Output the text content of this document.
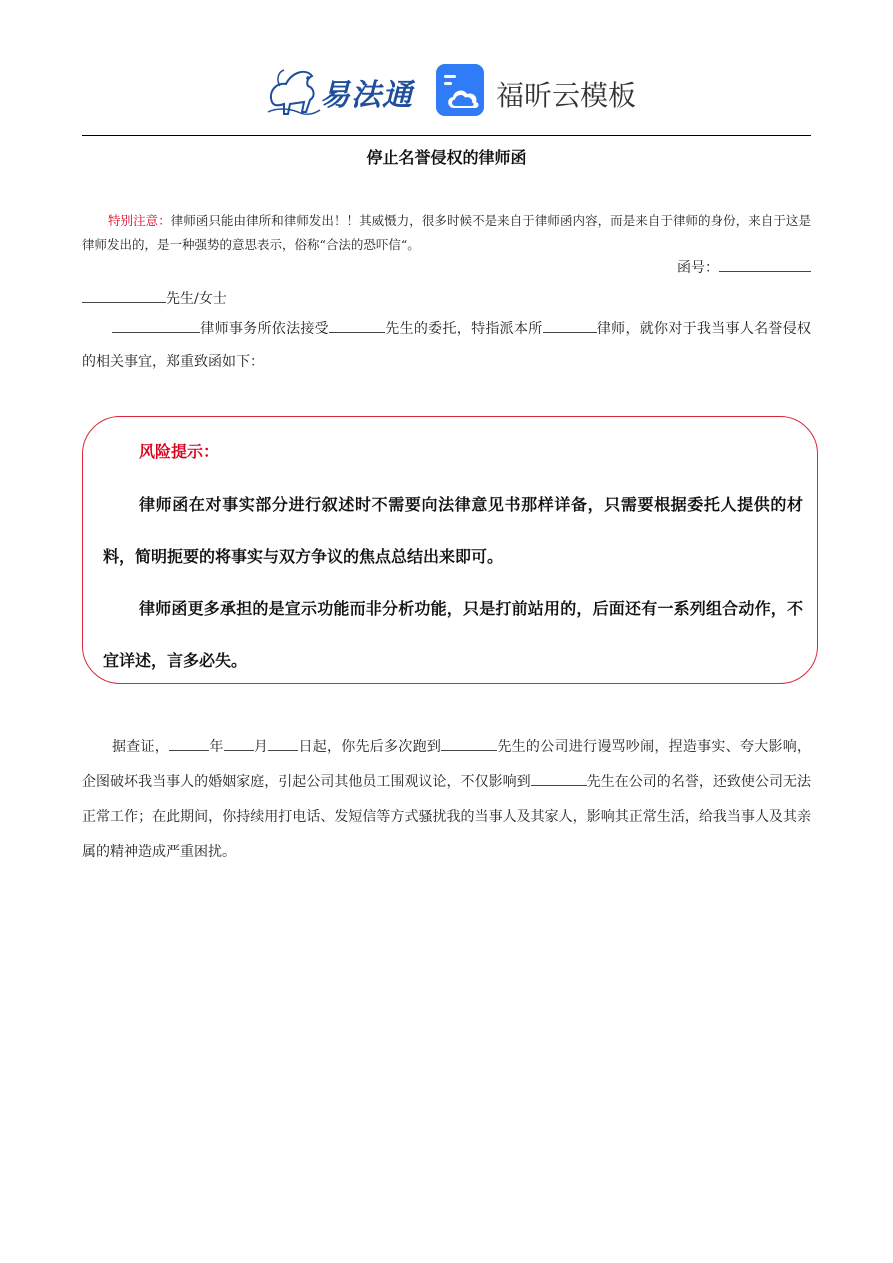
易法通	福昕云模板
停止名誉侵权的律师函
特别注意：律师函只能由律所和律师发出！！其威慑力，很多时候不是来自于律师函内容，而是来自于律师的身份，来自于这是律师发出的，是一种强势的意思表示，俗称“合法的恐吓信“。
函号：
先生/女士
律师事务所依法接受	先生的委托，特指派本所	律师，就你对于我当事人名誉侵权的相关事宜，郑重致函如下：
风险提示：
律师函在对事实部分进行叙述时不需要向法律意见书那样详备，只需要根据委托人提供的材料，简明扼要的将事实与双方争议的焦点总结出来即可。
律师函更多承担的是宣示功能而非分析功能，只是打前站用的，后面还有一系列组合动作，不宜详述，言多必失。
据查证，	年 月 日起，你先后多次跑到	先生的公司进行谩骂吵闹，捏造事实、夸大影响，企图破坏我当事人的婚姻家庭，引起公司其他员工围观议论，不仅影响到	先生在公司的名誉，还致使公司无法正常工作；在此期间，你持续用打电话、发短信等方式骚扰我的当事人及其家人，影响其正常生活，给我当事人及其亲属的精神造成严重困扰。
